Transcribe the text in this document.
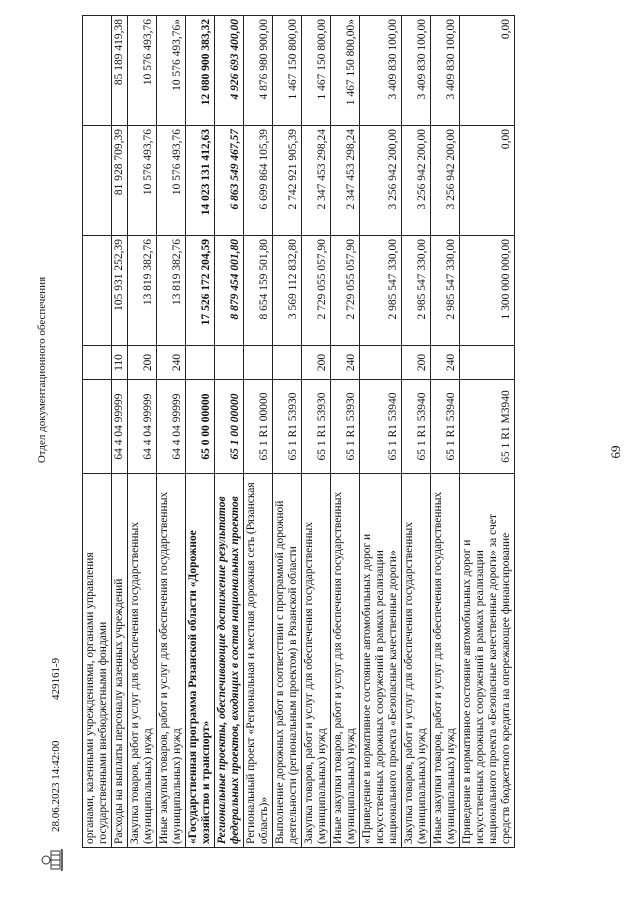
69
органами, казенными учреждениями, органами управления государственными внебюджетными фондами					
Расходы на выплаты персоналу казенных учреждений	64 4 04 99999	110	105 931 252,39	81 928 709,39	85 189 419,38
Закупка товаров, работ и услуг для обеспечения государственных (муниципальных) нужд	64 4 04 99999	200	13 819 382,76	10 576 493,76	10 576 493,76
Иные закупки товаров, работ и услуг для обеспечения государственных (муниципальных) нужд	64 4 04 99999	240	13 819 382,76	10 576 493,76	10 576 493,76»
«Государственная программа Рязанской области «Дорожное хозяйство и транспорт»	65 0 00 00000		17 526 172 204,59	14 023 131 412,63	12 080 900 383,32
Региональные проекты, обеспечивающие достижение результатов федеральных проектов, входящих в состав национальных проектов	65 1 00 00000		8 879 454 001,80	6 863 549 467,57	4 926 693 400,00
Региональный проект «Региональная и местная дорожная сеть (Рязанская область)»	65 1 R1 00000		8 654 159 501,80	6 699 864 105,39	4 876 980 900,00
Выполнение дорожных работ в соответствии с программой дорожной деятельности (региональным проектом) в Рязанской области	65 1 R1 53930		3 569 112 832,80	2 742 921 905,39	1 467 150 800,00
Закупка товаров, работ и услуг для обеспечения государственных (муниципальных) нужд	65 1 R1 53930	200	2 729 055 057,90	2 347 453 298,24	1 467 150 800,00
Иные закупки товаров, работ и услуг для обеспечения государственных (муниципальных) нужд	65 1 R1 53930	240	2 729 055 057,90	2 347 453 298,24	1 467 150 800,00»
«Приведение в нормативное состояние автомобильных дорог и искусственных дорожных сооружений в рамках реализации национального проекта «Безопасные качественные дороги»	65 1 R1 53940		2 985 547 330,00	3 256 942 200,00	3 409 830 100,00
Закупка товаров, работ и услуг для обеспечения государственных (муниципальных) нужд	65 1 R1 53940	200	2 985 547 330,00	3 256 942 200,00	3 409 830 100,00
Иные закупки товаров, работ и услуг для обеспечения государственных (муниципальных) нужд	65 1 R1 53940	240	2 985 547 330,00	3 256 942 200,00	3 409 830 100,00
Приведение в нормативное состояние автомобильных дорог и искусственных дорожных сооружений в рамках реализации национального проекта «Безопасные качественные дороги» за счет средств бюджетного кредита на опережающее финансирование	65 1 R1 М3940		1 300 000 000,00	0,00	0,00
28.06.2023 14:42:00
429161-9
Отдел документационного обеспечения
